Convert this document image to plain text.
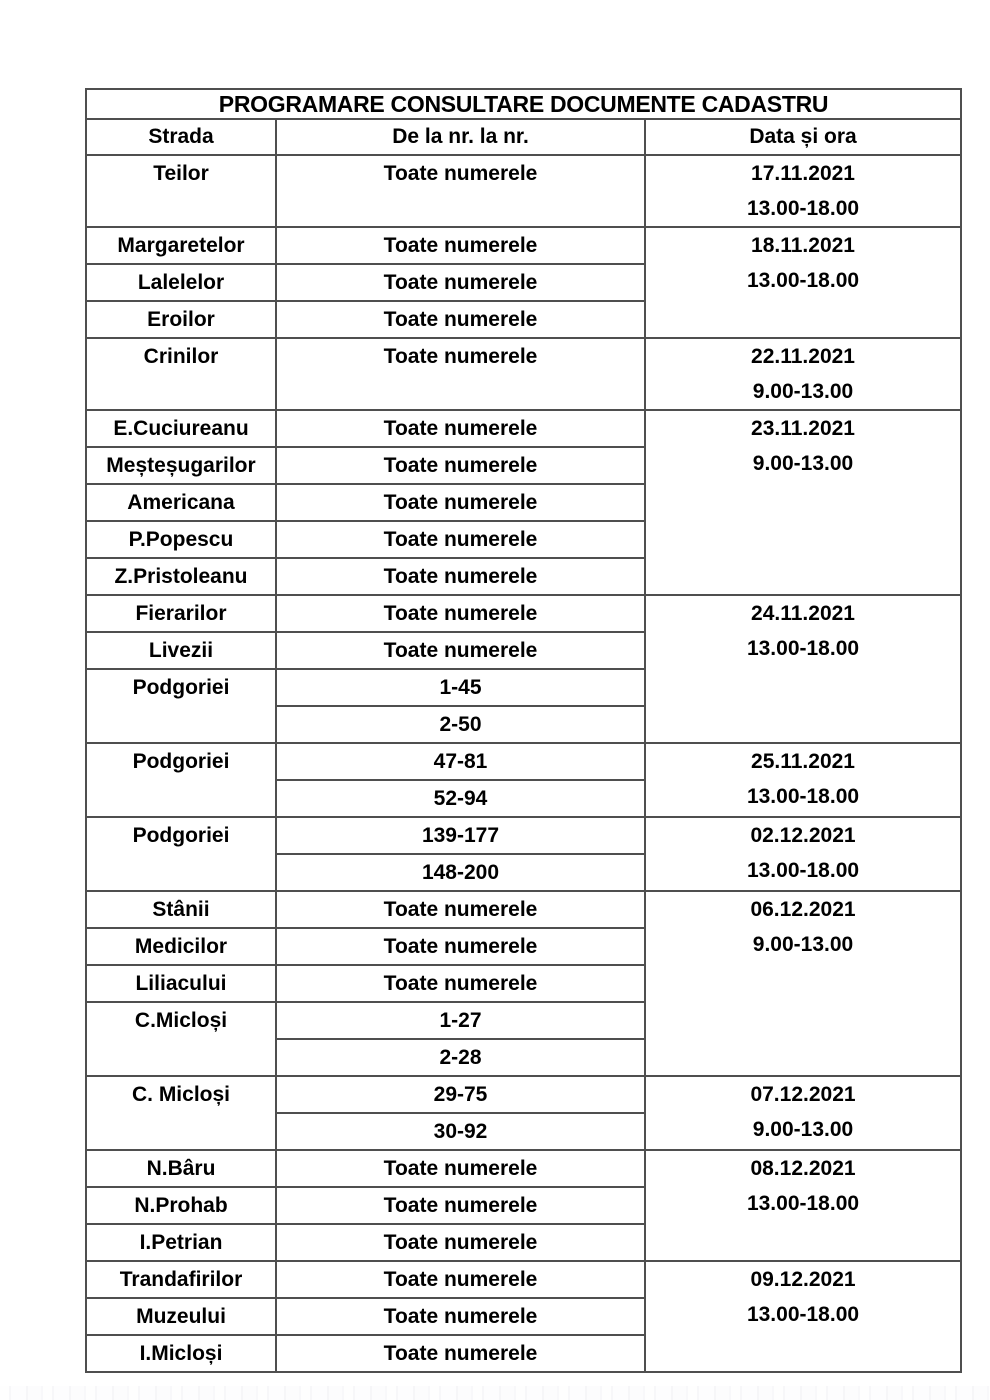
PROGRAMARE CONSULTARE DOCUMENTE CADASTRU		
Strada	De la nr. la nr.	Data și ora
Teilor	Toate numerele	17.11.2021
13.00-18.00

Margaretelor	Toate numerele	18.11.2021
13.00-18.00

Lalelelor	Toate numerele	
Eroilor	Toate numerele	
Crinilor	Toate numerele	22.11.2021
9.00-13.00

E.Cuciureanu	Toate numerele	23.11.2021
9.00-13.00

Meșteșugarilor	Toate numerele	
Americana	Toate numerele	
P.Popescu	Toate numerele	
Z.Pristoleanu	Toate numerele	
Fierarilor	Toate numerele	24.11.2021
13.00-18.00

Livezii	Toate numerele	
Podgoriei	1-45	
	2-50	
Podgoriei	47-81	25.11.2021
13.00-18.00

	52-94	
Podgoriei	139-177	02.12.2021
13.00-18.00

	148-200	
Stânii	Toate numerele	06.12.2021
9.00-13.00

Medicilor	Toate numerele	
Liliacului	Toate numerele	
C.Micloși	1-27	
	2-28	
C. Micloși	29-75	07.12.2021
9.00-13.00

	30-92	
N.Bâru	Toate numerele	08.12.2021
13.00-18.00

N.Prohab	Toate numerele	
I.Petrian	Toate numerele	
Trandafirilor	Toate numerele	09.12.2021
13.00-18.00

Muzeului	Toate numerele	
I.Micloși	Toate numerele	
